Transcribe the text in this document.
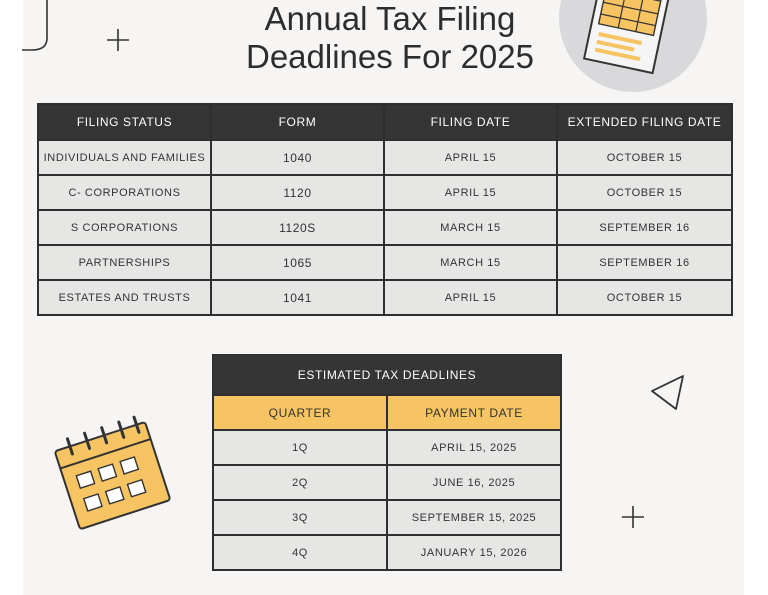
Annual Tax Filing
Deadlines For 2025
FILING STATUS	FORM	FILING DATE	EXTENDED FILING DATE
INDIVIDUALS AND FAMILIES	1040	APRIL 15	OCTOBER 15
C- CORPORATIONS	1120	APRIL 15	OCTOBER 15
S CORPORATIONS	1120S	MARCH 15	SEPTEMBER 16
PARTNERSHIPS	1065	MARCH 15	SEPTEMBER 16
ESTATES AND TRUSTS	1041	APRIL 15	OCTOBER 15
ESTIMATED TAX DEADLINES	
QUARTER	PAYMENT DATE
1Q	APRIL 15, 2025
2Q	JUNE 16, 2025
3Q	SEPTEMBER 15, 2025
4Q	JANUARY 15, 2026
